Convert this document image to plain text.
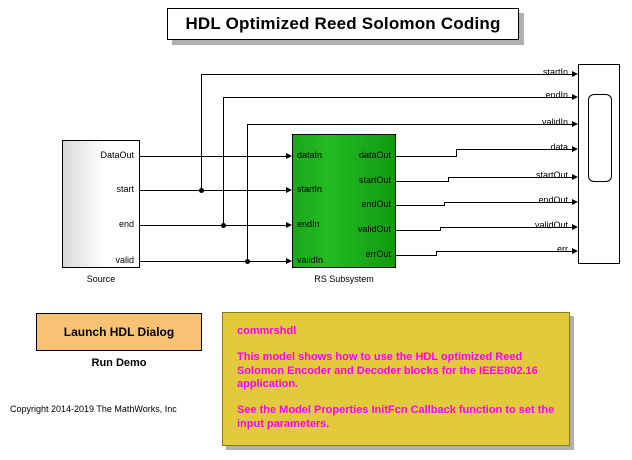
HDL Optimized Reed Solomon Coding
DataOut
start
end
valid
dataIn
startIn
endIn
validIn
dataOut
startOut
endOut
validOut
errOut
startIn
endIn
validIn
data
startOut
endOut
validOut
err
Source	RS Subsystem
Launch HDL Dialog
Run Demo

commrshdl

This model shows how to use the HDL optimized Reed Solomon Encoder and Decoder blocks for the IEEE802.16 application.

See the Model Properties InitFcn Callback function to set the input parameters.

Copyright 2014-2019 The MathWorks, Inc
